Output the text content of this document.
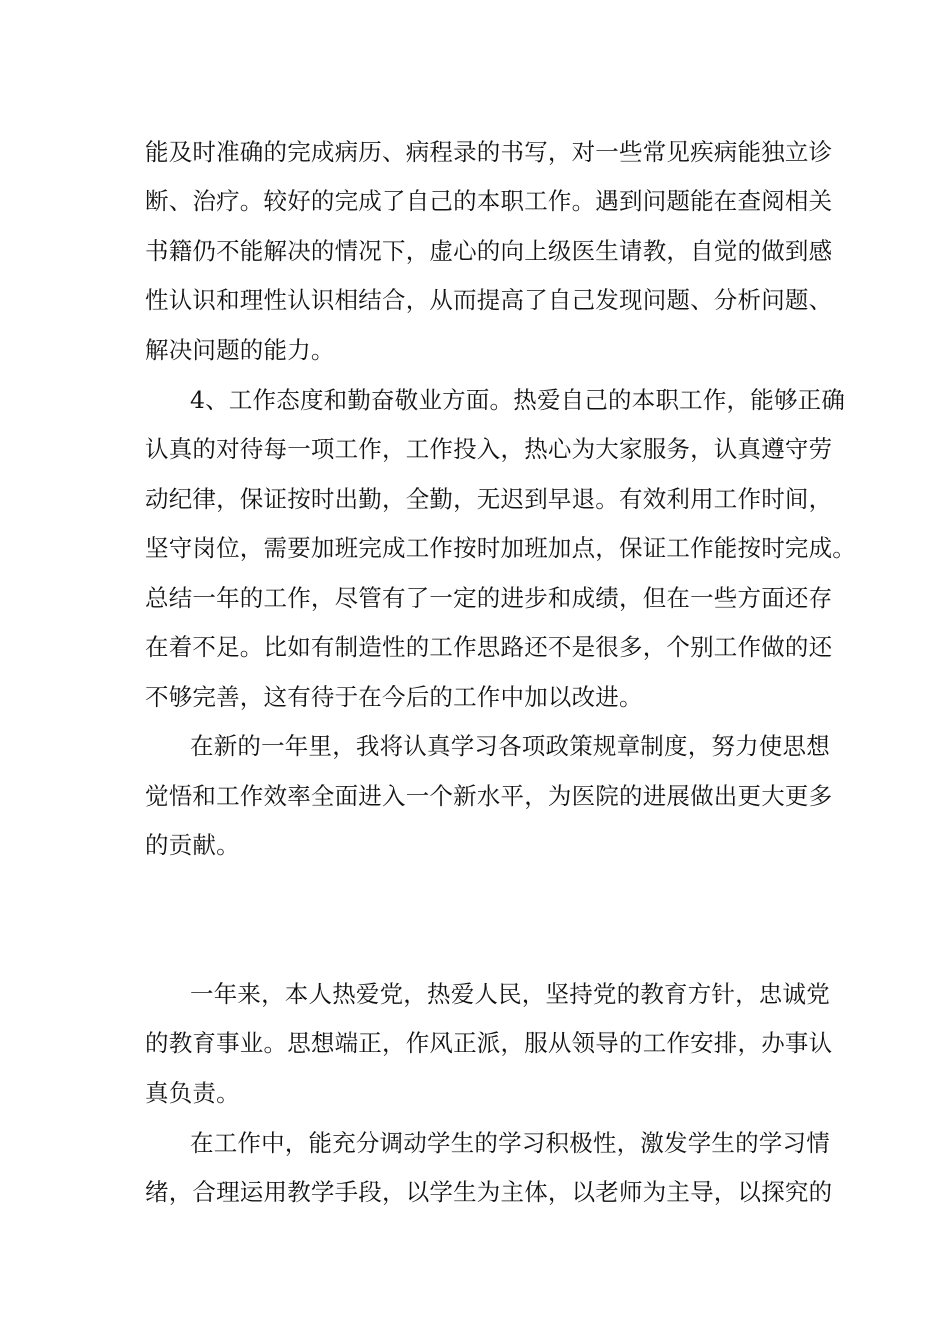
能及时准确的完成病历、病程录的书写，对一些常见疾病能独立诊
断、治疗。较好的完成了自己的本职工作。遇到问题能在查阅相关
书籍仍不能解决的情况下，虚心的向上级医生请教，自觉的做到感
性认识和理性认识相结合，从而提高了自己发现问题、分析问题、
解决问题的能力。
4、工作态度和勤奋敬业方面。热爱自己的本职工作，能够正确
认真的对待每一项工作，工作投入，热心为大家服务，认真遵守劳
动纪律，保证按时出勤，全勤，无迟到早退。有效利用工作时间，
坚守岗位，需要加班完成工作按时加班加点，保证工作能按时完成。
总结一年的工作，尽管有了一定的进步和成绩，但在一些方面还存
在着不足。比如有制造性的工作思路还不是很多，个别工作做的还
不够完善，这有待于在今后的工作中加以改进。
在新的一年里，我将认真学习各项政策规章制度，努力使思想
觉悟和工作效率全面进入一个新水平，为医院的进展做出更大更多
的贡献。
一年来，本人热爱党，热爱人民，坚持党的教育方针，忠诚党
的教育事业。思想端正，作风正派，服从领导的工作安排，办事认
真负责。
在工作中，能充分调动学生的学习积极性，激发学生的学习情
绪，合理运用教学手段，以学生为主体，以老师为主导，以探究的
